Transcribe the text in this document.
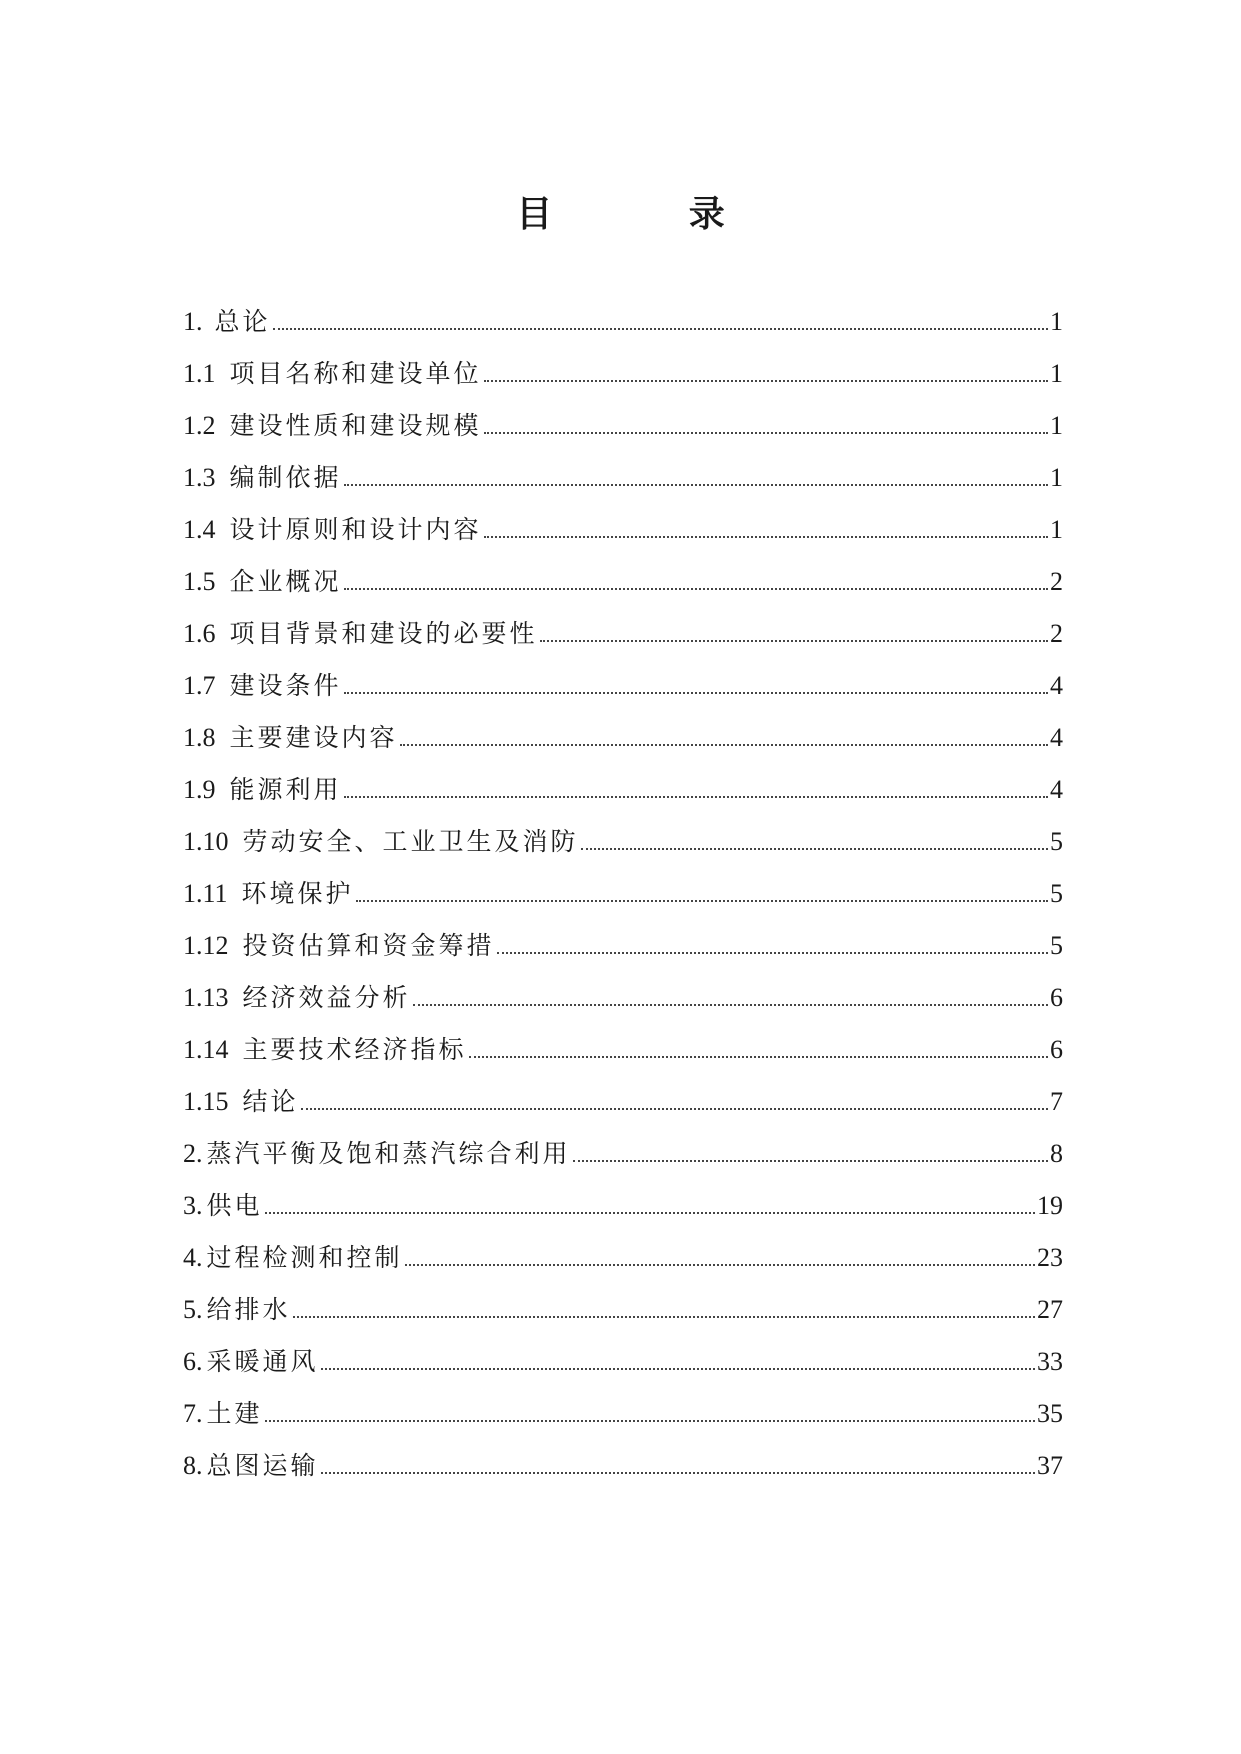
目 录
1. 总论	1
1.1 项目名称和建设单位	1
1.2 建设性质和建设规模	1
1.3 编制依据	1
1.4 设计原则和设计内容	1
1.5 企业概况	2
1.6 项目背景和建设的必要性	2
1.7 建设条件	4
1.8 主要建设内容	4
1.9 能源利用	4
1.10 劳动安全、工业卫生及消防	5
1.11 环境保护	5
1.12 投资估算和资金筹措	5
1.13 经济效益分析	6
1.14 主要技术经济指标	6
1.15 结论	7
2. 蒸汽平衡及饱和蒸汽综合利用	8
3. 供电	19
4. 过程检测和控制	23
5. 给排水	27
6. 采暖通风	33
7. 土建	35
8. 总图运输	37
